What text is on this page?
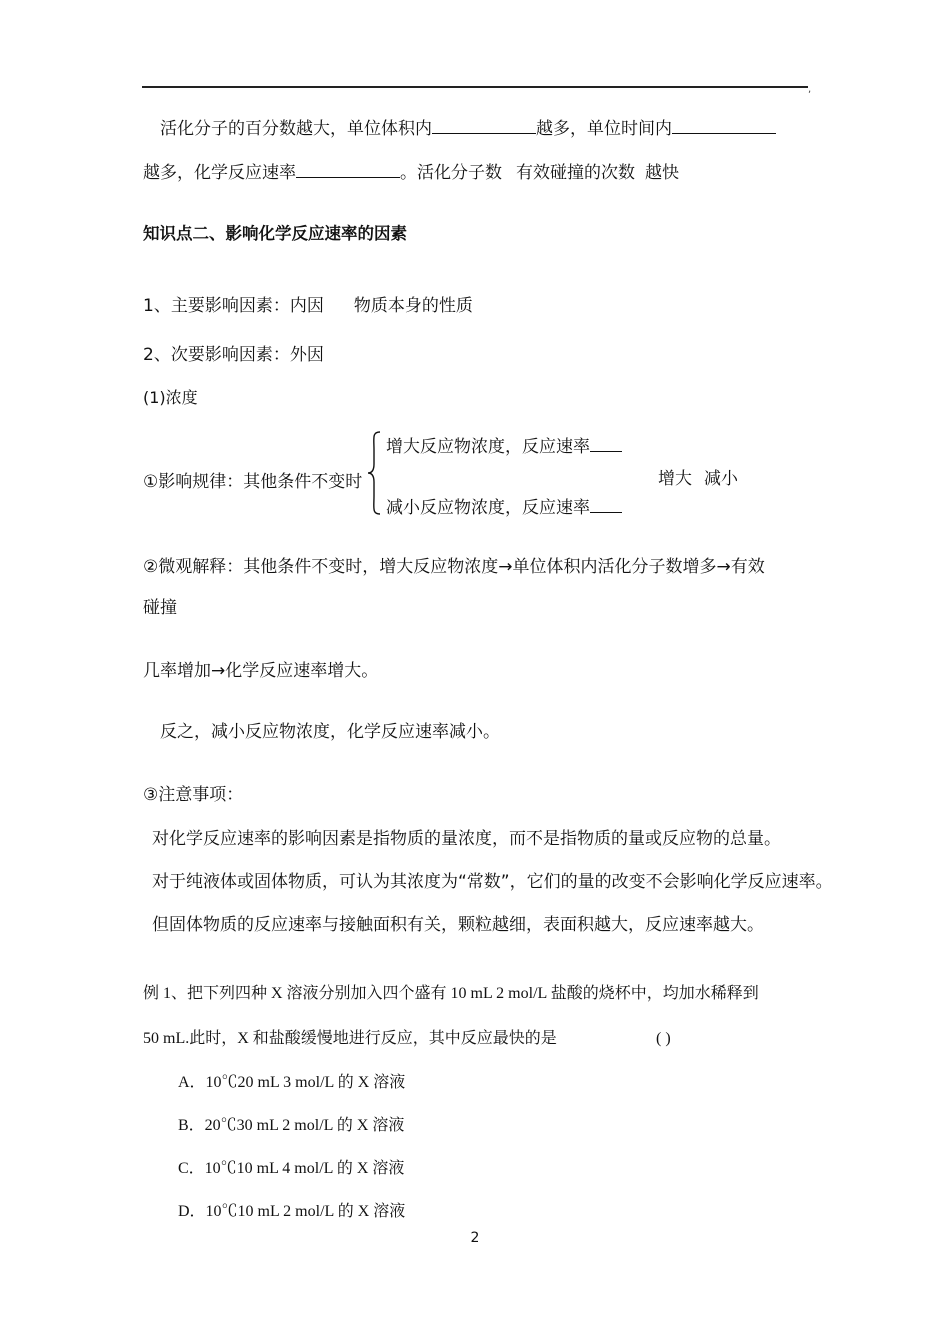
,
活化分子的百分数越大，单位体积内	越多，单位时间内
越多，化学反应速率	。活化分子数 有效碰撞的次数 越快
知识点二、影响化学反应速率的因素
1、主要影响因素：内因 物质本身的性质
2、次要影响因素：外因
(1)浓度
①影响规律：其他条件不变时
增大反应物浓度，反应速率
减小反应物浓度，反应速率
增大 减小
②微观解释：其他条件不变时，增大反应物浓度→单位体积内活化分子数增多→有效
碰撞
几率增加→化学反应速率增大。
反之，减小反应物浓度，化学反应速率减小。
③注意事项：
对化学反应速率的影响因素是指物质的量浓度，而不是指物质的量或反应物的总量。
对于纯液体或固体物质，可认为其浓度为“常数”，它们的量的改变不会影响化学反应速率。
但固体物质的反应速率与接触面积有关，颗粒越细，表面积越大，反应速率越大。
例 1、把下列四种 X 溶液分别加入四个盛有 10 mL 2 mol/L 盐酸的烧杯中，均加水稀释到
50 mL.此时，X 和盐酸缓慢地进行反应，其中反应最快的是	( )
A．10℃20 mL 3 mol/L 的 X 溶液
B．20℃30 mL 2 mol/L 的 X 溶液
C．10℃10 mL 4 mol/L 的 X 溶液
D．10℃10 mL 2 mol/L 的 X 溶液
2
